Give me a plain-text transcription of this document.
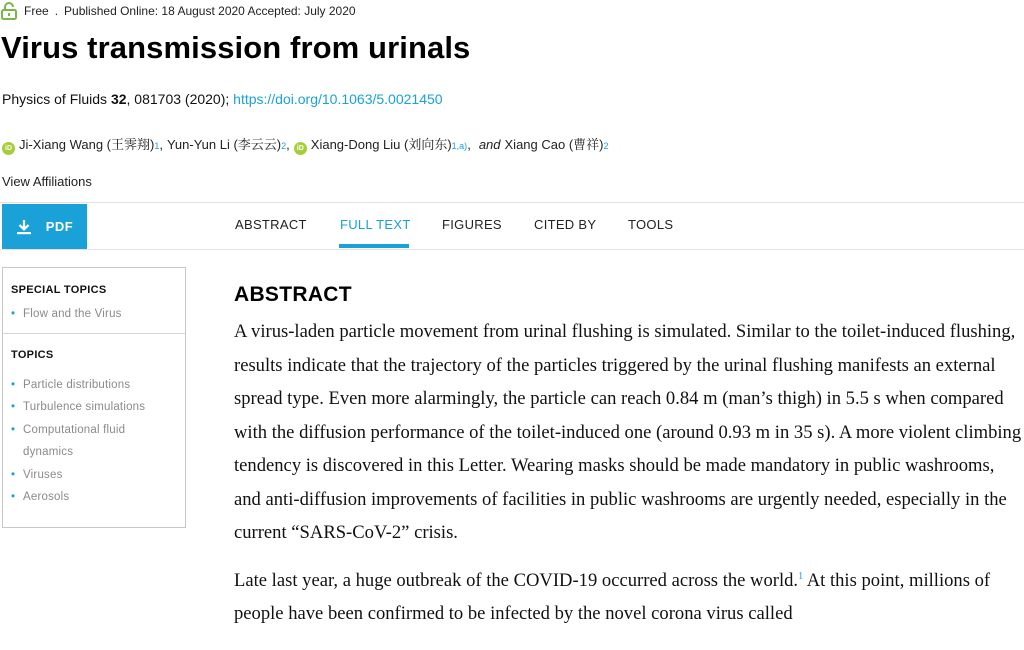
Free . Published Online: 18 August 2020 Accepted: July 2020
Virus transmission from urinals
Physics of Fluids 32, 081703 (2020); https://doi.org/10.1063/5.0021450
iD Ji-Xiang Wang (王霁翔) 1 , Yun-Yun Li (李云云) 2 ,	iD Xiang-Dong Liu (刘向东) 1,a) , and Xiang Cao (曹祥) 2
View Affiliations
PDF	ABSTRACT	FULL TEXT FIGURES CITED BY TOOLS
SPECIAL TOPICS
• Flow and the Virus
TOPICS
• Particle distributions
• Turbulence simulations
• Computational fluid
dynamics
• Viruses
• Aerosols
ABSTRACT

A virus-laden particle movement from urinal flushing is simulated. Similar to the toilet-induced flushing, results indicate that the trajectory of the particles triggered by the urinal flushing manifests an external spread type. Even more alarmingly, the particle can reach 0.84 m (man’s thigh) in 5.5 s when compared with the diffusion performance of the toilet-induced one (around 0.93 m in 35 s). A more violent climbing tendency is discovered in this Letter. Wearing masks should be made mandatory in public washrooms, and anti-diffusion improvements of facilities in public washrooms are urgently needed, especially in the current “SARS-CoV-2” crisis.

Late last year, a huge outbreak of the COVID-19 occurred across the world.$^1$ At this point, millions of people have been confirmed to be infected by the novel corona virus called
